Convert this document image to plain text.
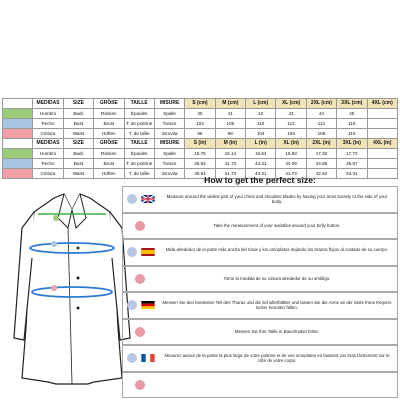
	MEDIDAS	SIZE	GRÖßE	TAILLE	MISURE	S (cm)	M (cm)	L (cm)	XL (cm)	2XL (cm)	3XL (cm)	4XL (cm)
	Hombro	Back	Rücken	Épaules	Spalle	40	41	42	43	44	45	
	Pecho	Bust	Brust	T. de poitrine	Torace	104	106	110	112	114	116	
	Cintura	Waist	Hüften	T. de taille	Girovita	96	98	104	106	108	110	
	MEDIDAS	SIZE	GRÖßE	TAILLE	MISURE	S (in)	M (in)	L (in)	XL (in)	2XL (in)	3XL (in)	4XL (in)
	Hombro	Back	Rücken	Épaules	Spalle	15.75	16.14	16.54	16.93	17.32	17.72	
	Pecho	Bust	Brust	T. de poitrine	Torace	40.94	41.73	43.31	44.09	44.88	45.67	
	Cintura	Waist	Hüften	T. de taille	Girovita	40.94	41.73	43.31	41.73	42.52	43.31	
How to get the perfect size:
Measure around the widest part of your chest and shoulder blades by having your arms loosely to the side of your body.
Take the measurement of your waistline around your belly button.
Mida alrededor de la parte más ancha del tórax y los omóplatos dejando los brazos flojos al costado de su cuerpo.
Tome la medida de su cintura alrededor de su ombligo.
Messen Sie den breitesten Teil des Thorax und die Schulterblätter und lassen Sie die Arme an der Seite Ihres Körpers locker herunter fallen.
Messen Sie Ihre Taille in Bauchnabel höhe.
Mesurez autour de la partie la plus large de votre poitrine et de vos omoplates en laissant vos bras lâchement sur le côté de votre corps.
